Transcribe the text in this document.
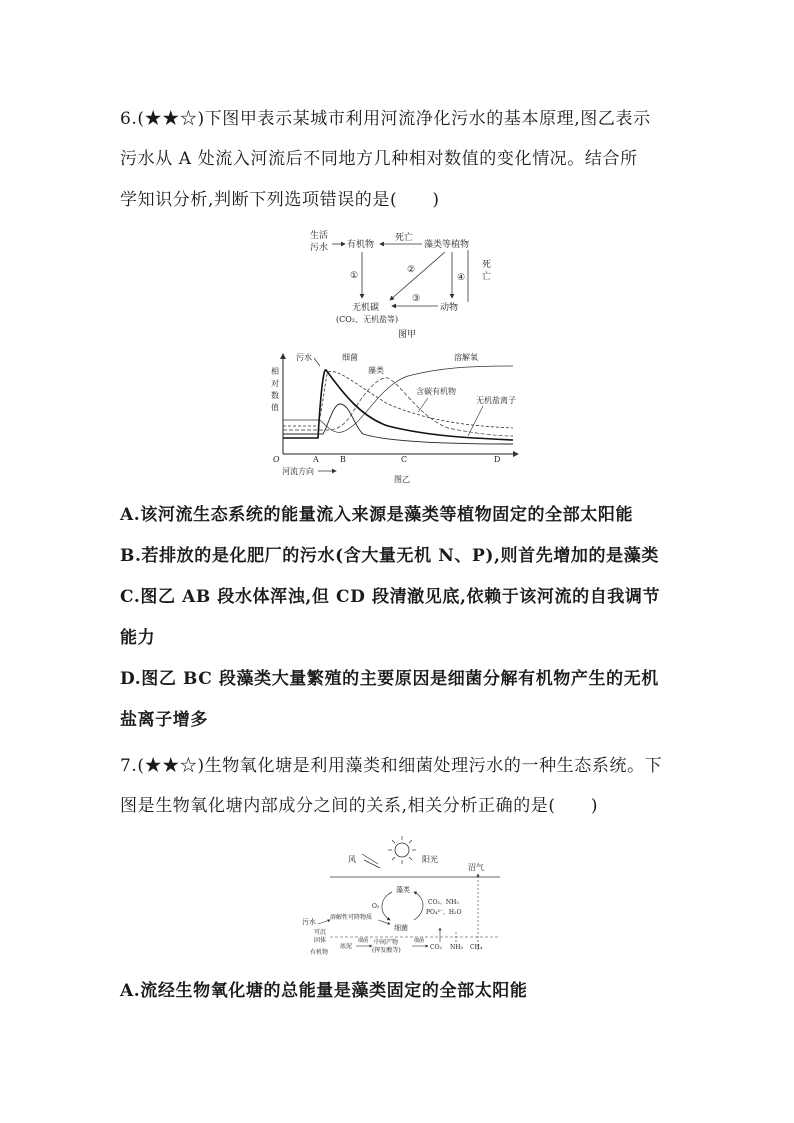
6.(★★☆)下图甲表示某城市利用河流净化污水的基本原理,图乙表示
污水从 A 处流入河流后不同地方几种相对数值的变化情况。结合所
学知识分析,判断下列选项错误的是(　　)
生活
污水 有机物
死亡
藻类等植物
死
亡
①
②
④
③
无机碳
(CO₂、无机盐等)
动物
图甲
相
对
数
值
O	A	B	C	D
河流方向
图乙
污水	细菌
藻类
溶解氧
含碳有机物
无机盐离子
A.该河流生态系统的能量流入来源是藻类等植物固定的全部太阳能
B.若排放的是化肥厂的污水(含大量无机 N、P),则首先增加的是藻类
C.图乙 AB 段水体浑浊,但 CD 段清澈见底,依赖于该河流的自我调节
能力
D.图乙 BC 段藻类大量繁殖的主要原因是细菌分解有机物产生的无机
盐离子增多
7.(★★☆)生物氧化塘是利用藻类和细菌处理污水的一种生态系统。下
图是生物氧化塘内部成分之间的关系,相关分析正确的是(　　)
风	阳光
沼气
藻类
O₂
CO₂、NH₃
PO₄³⁻、H₂O
溶解性可降物质
细菌
污水
可沉
固体
有机物
底泥
细菌 中间产物
(挥发酸等)
细菌
CO₂ NH₃ CH₄
A.流经生物氧化塘的总能量是藻类固定的全部太阳能
